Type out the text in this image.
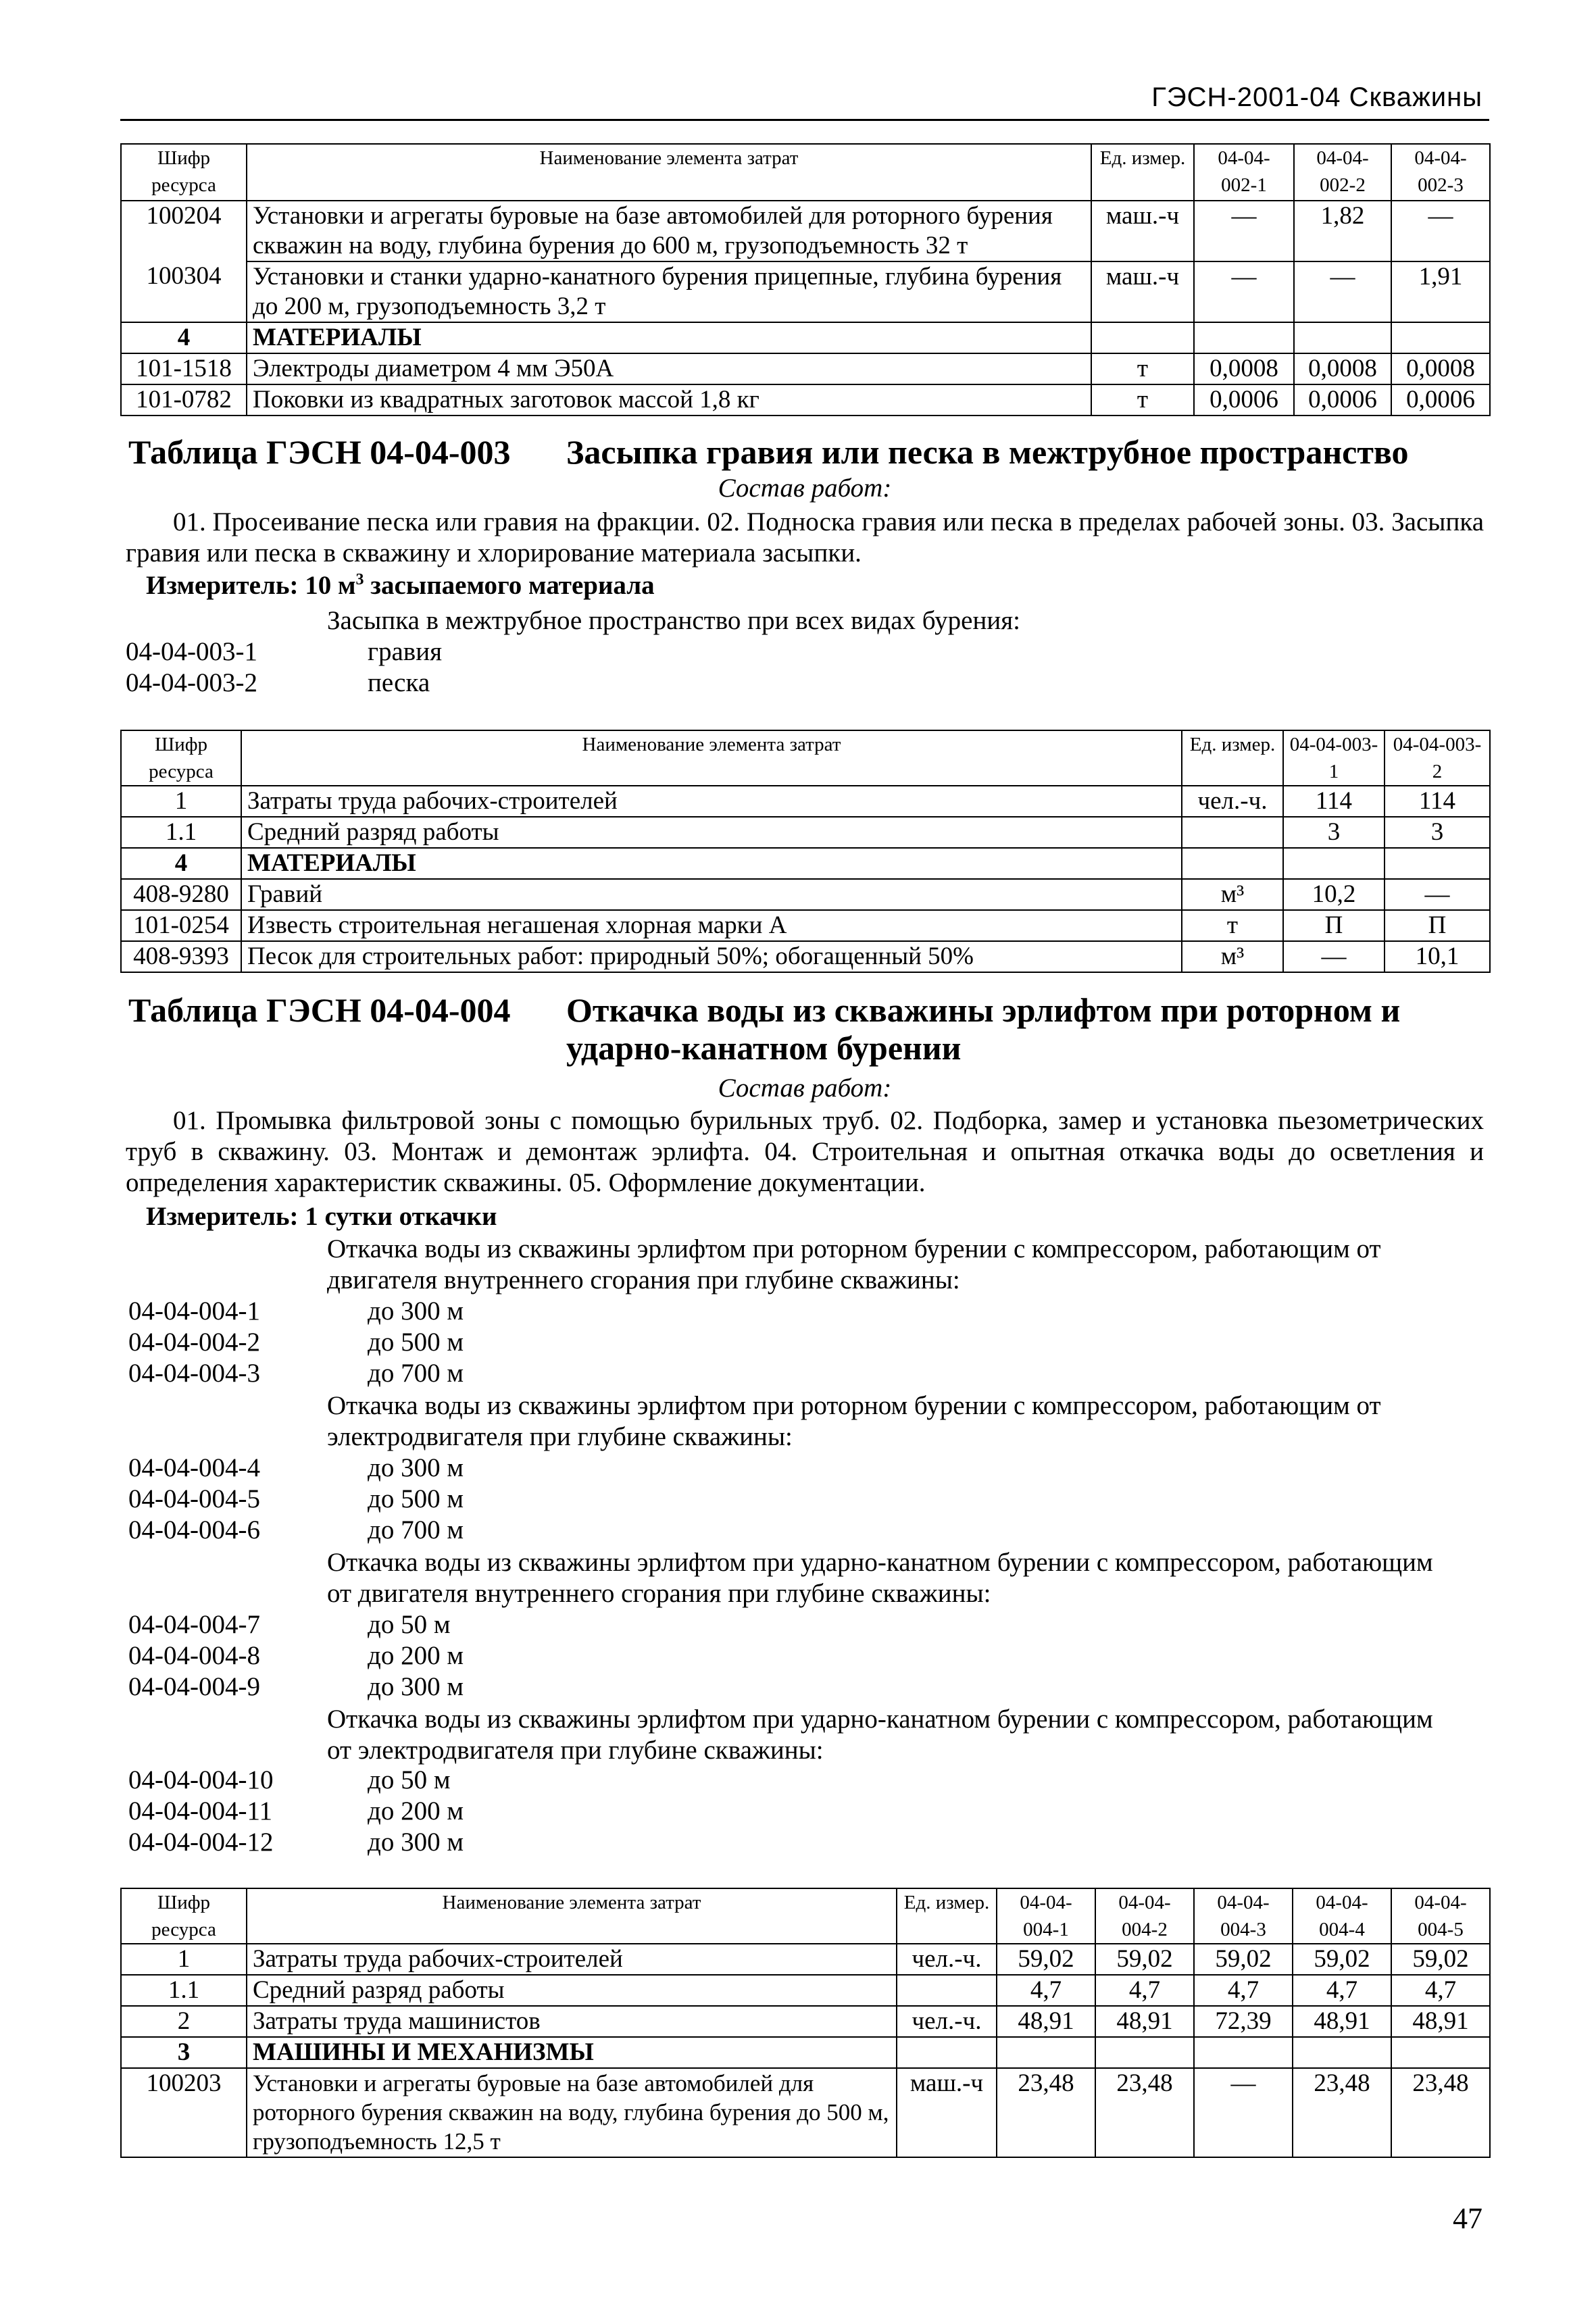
ГЭСН-2001-04 Скважины
Шифр ресурса	Наименование элемента затрат	Ед. измер.	04-04-002-1	04-04-002-2	04-04-002-3
100204	Установки и агрегаты буровые на базе автомобилей для роторного бурения скважин на воду, глубина бурения до 600 м, грузоподъемность 32 т	маш.-ч	—	1,82	—
100304	Установки и станки ударно-канатного бурения прицепные, глубина бурения до 200 м, грузоподъемность 3,2 т	маш.-ч	—	—	1,91
4	МАТЕРИАЛЫ				
101-1518	Электроды диаметром 4 мм Э50А	т	0,0008	0,0008	0,0008
101-0782	Поковки из квадратных заготовок массой 1,8 кг	т	0,0006	0,0006	0,0006
Таблица ГЭСН 04-04-003 Засыпка гравия или песка в межтрубное пространство
Состав работ:
01. Просеивание песка или гравия на фракции. 02. Подноска гравия или песка в пределах рабочей зоны. 03. Засыпка гравия или песка в скважину и хлорирование материала засыпки.
Измеритель: 10 $м^3$ засыпаемого материала
Засыпка в межтрубное пространство при всех видах бурения:
04-04-003-1	гравия
04-04-003-2	песка
Шифр ресурса	Наименование элемента затрат	Ед. измер.	04-04-003-1	04-04-003-2
1	Затраты труда рабочих-строителей	чел.-ч.	114	114
1.1	Средний разряд работы		3	3
4	МАТЕРИАЛЫ			
408-9280	Гравий	м³	10,2	—
101-0254	Известь строительная негашеная хлорная марки А	т	П	П
408-9393	Песок для строительных работ: природный 50%; обогащенный 50%	м³	—	10,1
Таблица ГЭСН 04-04-004 Откачка воды из скважины эрлифтом при роторном и
ударно-канатном бурении
Состав работ:
01. Промывка фильтровой зоны с помощью бурильных труб. 02. Подборка, замер и установка пьезометрических труб в скважину. 03. Монтаж и демонтаж эрлифта. 04. Строительная и опытная откачка воды до осветления и определения характеристик скважины. 05. Оформление документации.
Измеритель: 1 сутки откачки
Откачка воды из скважины эрлифтом при роторном бурении с компрессором, работающим от двигателя внутреннего сгорания при глубине скважины:
04-04-004-1	до 300 м
04-04-004-2	до 500 м
04-04-004-3	до 700 м
Откачка воды из скважины эрлифтом при роторном бурении с компрессором, работающим от электродвигателя при глубине скважины:
04-04-004-4	до 300 м
04-04-004-5	до 500 м
04-04-004-6	до 700 м
Откачка воды из скважины эрлифтом при ударно-канатном бурении с компрессором, работающим от двигателя внутреннего сгорания при глубине скважины:
04-04-004-7	до 50 м
04-04-004-8	до 200 м
04-04-004-9	до 300 м
Откачка воды из скважины эрлифтом при ударно-канатном бурении с компрессором, работающим от электродвигателя при глубине скважины:
04-04-004-10	до 50 м
04-04-004-11	до 200 м
04-04-004-12	до 300 м
Шифр ресурса	Наименование элемента затрат	Ед. измер.	04-04-004-1	04-04-004-2	04-04-004-3	04-04-004-4	04-04-004-5
1	Затраты труда рабочих-строителей	чел.-ч.	59,02	59,02	59,02	59,02	59,02
1.1	Средний разряд работы		4,7	4,7	4,7	4,7	4,7
2	Затраты труда машинистов	чел.-ч.	48,91	48,91	72,39	48,91	48,91
3	МАШИНЫ И МЕХАНИЗМЫ						
100203	Установки и агрегаты буровые на базе автомобилей для роторного бурения скважин на воду, глубина бурения до 500 м, грузоподъемность 12,5 т	маш.-ч	23,48	23,48	—	23,48	23,48
47
